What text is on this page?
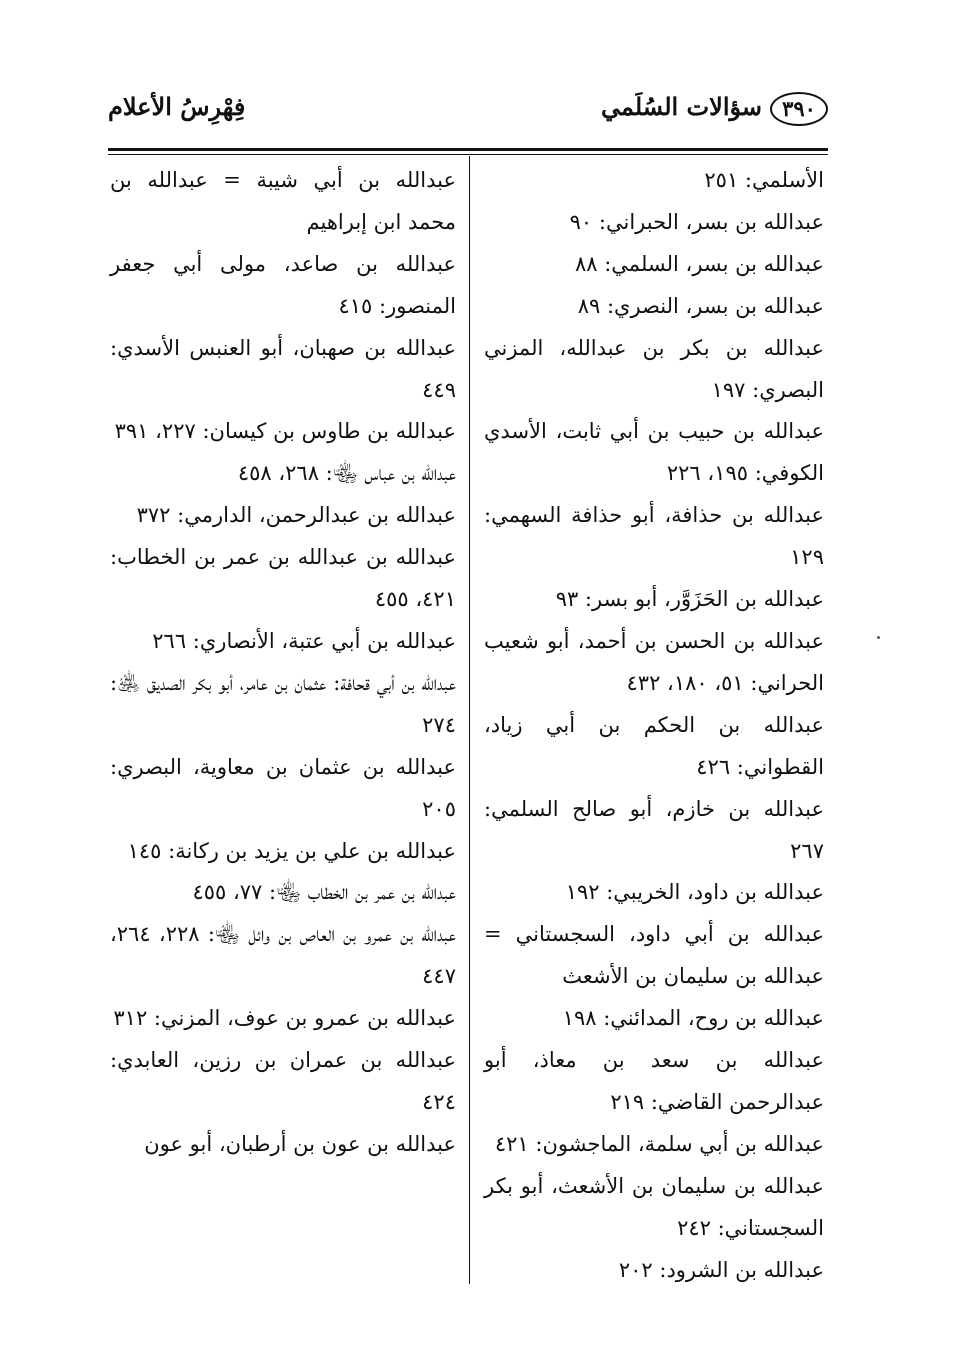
٣٩٠
سؤالات السُلَمي
فِهْرِسُ الأعلام

الأسلمي: ٢٥١

عبدالله بن بسر، الحبراني: ٩٠

عبدالله بن بسر، السلمي: ٨٨

عبدالله بن بسر، النصري: ٨٩

عبدالله بن بكر بن عبدالله، المزني البصري: ١٩٧

عبدالله بن حبيب بن أبي ثابت، الأسدي الكوفي: ١٩٥، ٢٢٦

عبدالله بن حذافة، أبو حذافة السهمي: ١٢٩

عبدالله بن الحَزَوَّر، أبو بسر: ٩٣

عبدالله بن الحسن بن أحمد، أبو شعيب الحراني: ٥١، ١٨٠، ٤٣٢

عبدالله بن الحكم بن أبي زياد، القطواني: ٤٢٦

عبدالله بن خازم، أبو صالح السلمي: ٢٦٧

عبدالله بن داود، الخريبي: ١٩٢

عبدالله بن أبي داود، السجستاني = عبدالله بن سليمان بن الأشعث

عبدالله بن روح، المدائني: ١٩٨

عبدالله بن سعد بن معاذ، أبو عبدالرحمن القاضي: ٢١٩

عبدالله بن أبي سلمة، الماجشون: ٤٢١

عبدالله بن سليمان بن الأشعث، أبو بكر السجستاني: ٢٤٢

عبدالله بن الشرود: ٢٠٢

عبدالله بن أبي شيبة = عبدالله بن محمد ابن إبراهيم

عبدالله بن صاعد، مولى أبي جعفر المنصور: ٤١٥

عبدالله بن صهبان، أبو العنبس الأسدي: ٤٤٩

عبدالله بن طاوس بن كيسان: ٢٢٧، ٣٩١

عبدالله بن عباس ﵄: ٢٦٨، ٤٥٨

عبدالله بن عبدالرحمن، الدارمي: ٣٧٢

عبدالله بن عبدالله بن عمر بن الخطاب: ٤٢١، ٤٥٥

عبدالله بن أبي عتبة، الأنصاري: ٢٦٦

عبدالله بن أبي قحافة: عثمان بن عامر، أبو بكر الصديق ﵁: ٢٧٤

عبدالله بن عثمان بن معاوية، البصري: ٢٠٥

عبدالله بن علي بن يزيد بن ركانة: ١٤٥

عبدالله بن عمر بن الخطاب ﵄: ٧٧، ٤٥٥

عبدالله بن عمرو بن العاص بن وائل ﵄: ٢٢٨، ٢٦٤، ٤٤٧

عبدالله بن عمرو بن عوف، المزني: ٣١٢

عبدالله بن عمران بن رزين، العابدي: ٤٢٤

عبدالله بن عون بن أرطبان، أبو عون
